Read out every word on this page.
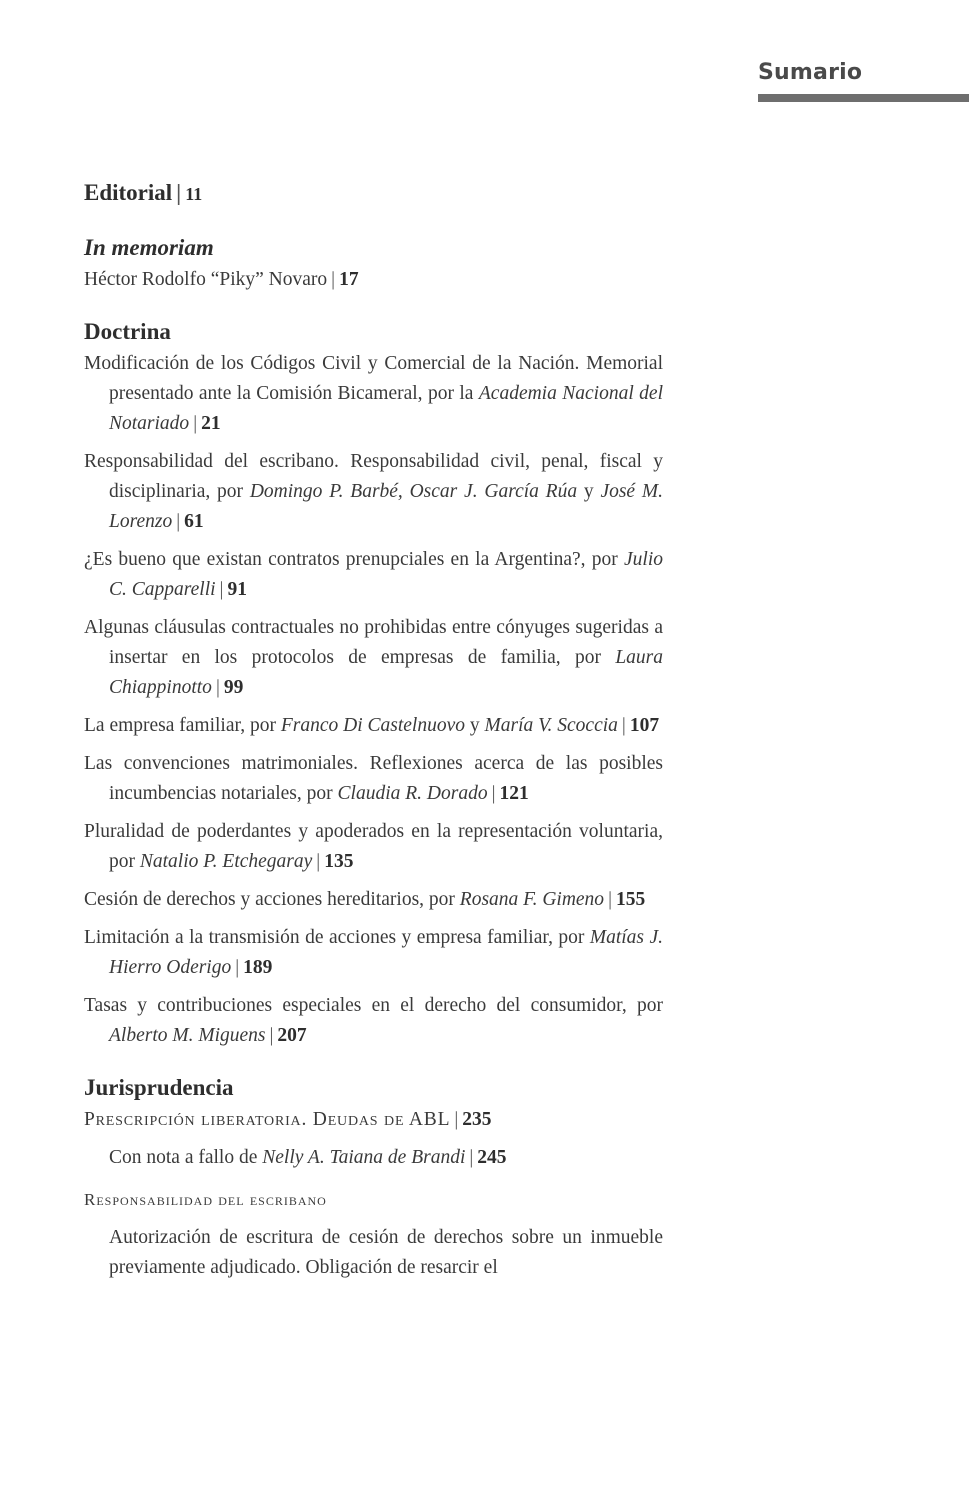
Sumario
Editorial | 11
In memoriam
Héctor Rodolfo “Piky” Novaro | 17
Doctrina
Modificación de los Códigos Civil y Comercial de la Nación. Memorial presentado ante la Comisión Bicameral, por la Academia Nacional del Notariado | 21
Responsabilidad del escribano. Responsabilidad civil, penal, fiscal y disciplinaria, por Domingo P. Barbé, Oscar J. García Rúa y José M. Lorenzo | 61
¿Es bueno que existan contratos prenupciales en la Argentina?, por Julio C. Capparelli | 91
Algunas cláusulas contractuales no prohibidas entre cónyuges sugeridas a insertar en los protocolos de empresas de familia, por Laura Chiappinotto | 99
La empresa familiar, por Franco Di Castelnuovo y María V. Scoccia | 107
Las convenciones matrimoniales. Reflexiones acerca de las posibles incumbencias notariales, por Claudia R. Dorado | 121
Pluralidad de poderdantes y apoderados en la representación voluntaria, por Natalio P. Etchegaray | 135
Cesión de derechos y acciones hereditarios, por Rosana F. Gimeno | 155
Limitación a la transmisión de acciones y empresa familiar, por Matías J. Hierro Oderigo | 189
Tasas y contribuciones especiales en el derecho del consumidor, por Alberto M. Miguens | 207
Jurisprudencia
Prescripción liberatoria. Deudas de ABL | 235
Con nota a fallo de Nelly A. Taiana de Brandi | 245
Responsabilidad del escribano
Autorización de escritura de cesión de derechos sobre un inmueble previamente adjudicado. Obligación de resarcir el
